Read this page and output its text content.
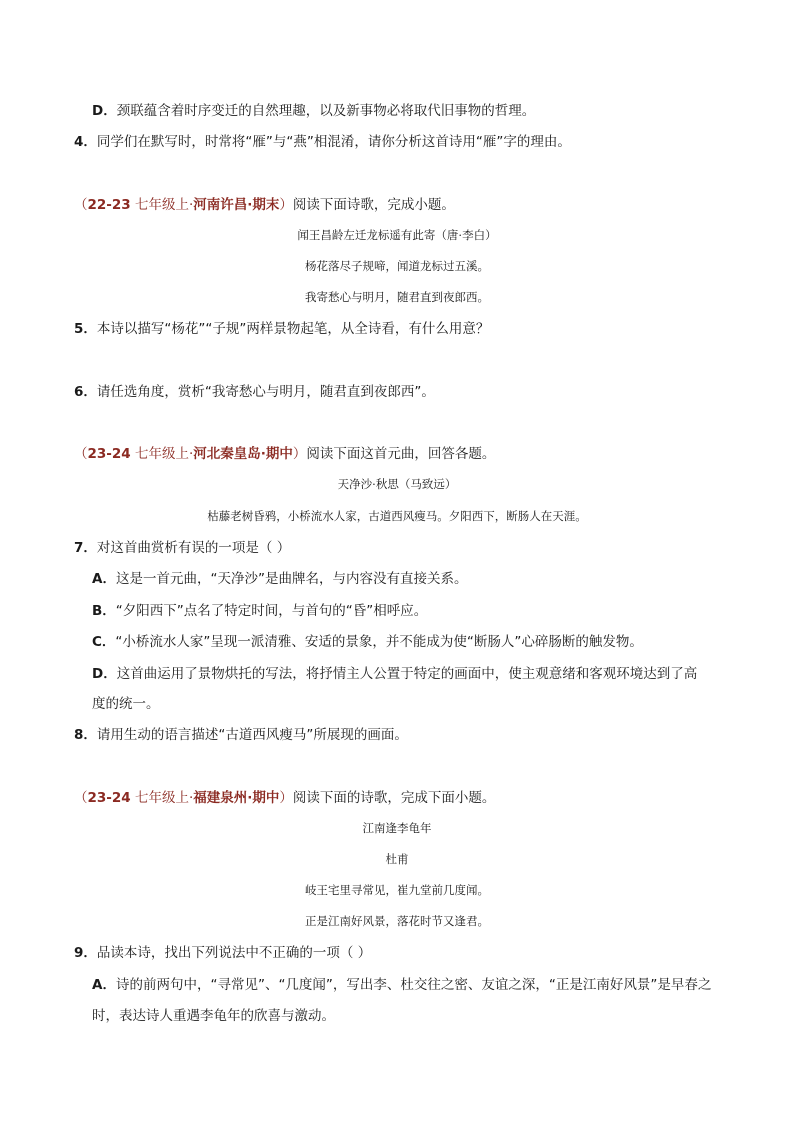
D．颈联蕴含着时序变迁的自然理趣，以及新事物必将取代旧事物的哲理。
4．同学们在默写时，时常将“雁”与“燕”相混淆，请你分析这首诗用“雁”字的理由。
（22-23 七年级上·河南许昌·期末）阅读下面诗歌，完成小题。
闻王昌龄左迁龙标遥有此寄（唐·李白）
杨花落尽子规啼，闻道龙标过五溪。
我寄愁心与明月，随君直到夜郎西。
5．本诗以描写“杨花”“子规”两样景物起笔，从全诗看，有什么用意？
6．请任选角度，赏析“我寄愁心与明月，随君直到夜郎西”。
（23-24 七年级上·河北秦皇岛·期中）阅读下面这首元曲，回答各题。
天净沙·秋思（马致远）
枯藤老树昏鸦，小桥流水人家，古道西风瘦马。夕阳西下，断肠人在天涯。
7．对这首曲赏析有误的一项是（ ）
A．这是一首元曲，“天净沙”是曲牌名，与内容没有直接关系。
B．“夕阳西下”点名了特定时间，与首句的“昏”相呼应。
C．“小桥流水人家”呈现一派清雅、安适的景象，并不能成为使“断肠人”心碎肠断的触发物。
D．这首曲运用了景物烘托的写法，将抒情主人公置于特定的画面中，使主观意绪和客观环境达到了高
度的统一。
8．请用生动的语言描述“古道西风瘦马”所展现的画面。
（23-24 七年级上·福建泉州·期中）阅读下面的诗歌，完成下面小题。
江南逢李龟年
杜甫
岐王宅里寻常见，崔九堂前几度闻。
正是江南好风景，落花时节又逢君。
9．品读本诗，找出下列说法中不正确的一项（ ）
A．诗的前两句中，“寻常见”、“几度闻”，写出李、杜交往之密、友谊之深，“正是江南好风景”是早春之
时，表达诗人重遇李龟年的欣喜与激动。
